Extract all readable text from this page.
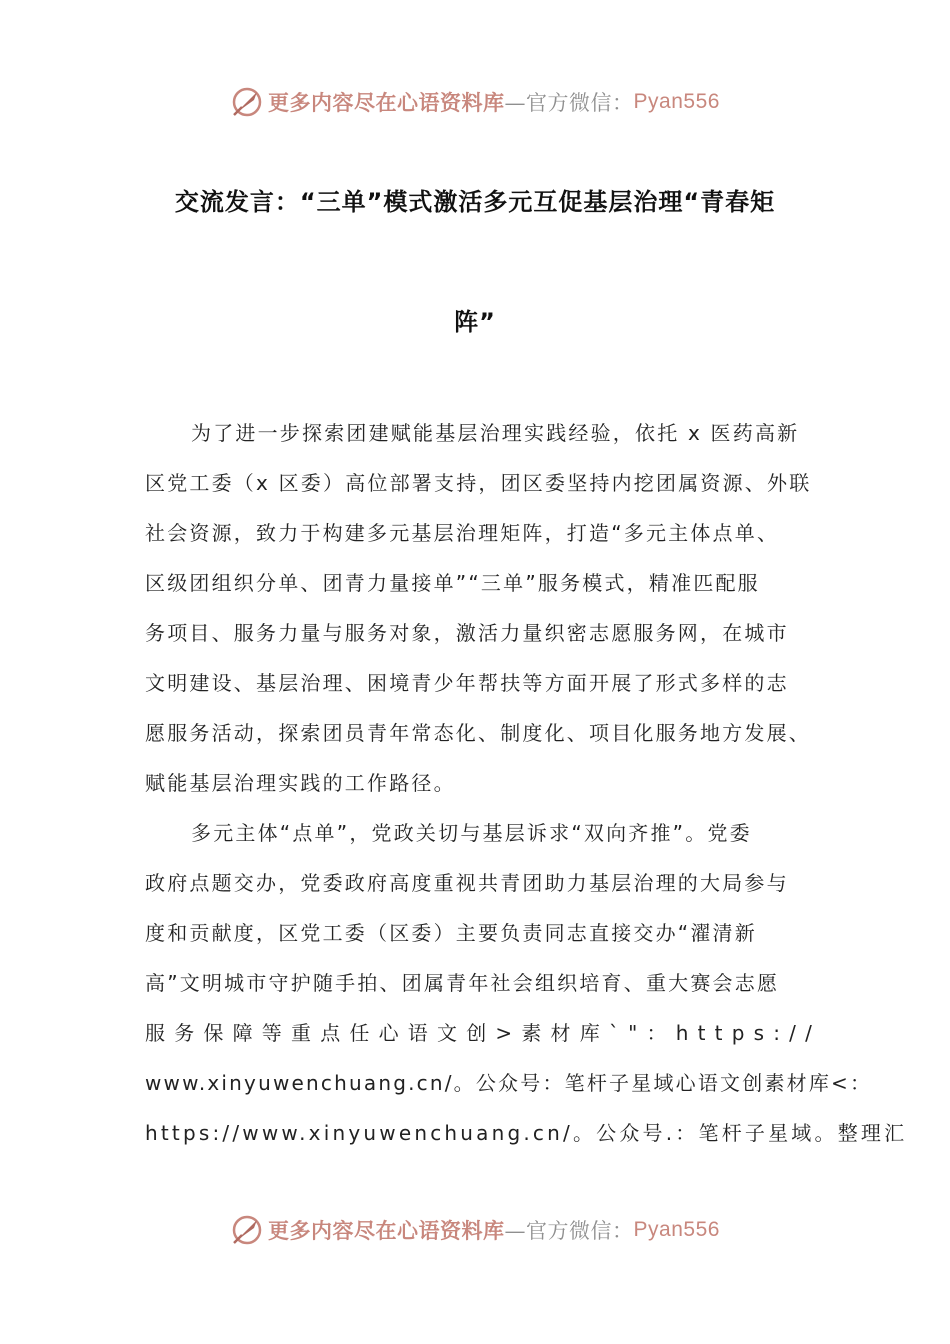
更多内容尽在心语资料库 —官方微信： Pyan556
交流发言：“三单”模式激活多元互促基层治理“青春矩
阵”
为了进一步探索团建赋能基层治理实践经验，依托 x 医药高新
区党工委（x 区委）高位部署支持，团区委坚持内挖团属资源、外联
社会资源，致力于构建多元基层治理矩阵，打造“多元主体点单、
区级团组织分单、团青力量接单”“三单”服务模式，精准匹配服
务项目、服务力量与服务对象，激活力量织密志愿服务网，在城市
文明建设、基层治理、困境青少年帮扶等方面开展了形式多样的志
愿服务活动，探索团员青年常态化、制度化、项目化服务地方发展、
赋能基层治理实践的工作路径。
多元主体“点单”，党政关切与基层诉求“双向齐推”。党委
政府点题交办，党委政府高度重视共青团助力基层治理的大局参与
度和贡献度，区党工委（区委）主要负责同志直接交办“濯清新
高”文明城市守护随手拍、团属青年社会组织培育、重大赛会志愿
服务保障等重点任心语文创>素材库`"：https://
www.xinyuwenchuang.cn/。公众号：笔杆子星域心语文创素材库<：
https://www.xinyuwenchuang.cn/。公众号.：笔杆子星域。整理汇
更多内容尽在心语资料库 —官方微信： Pyan556
